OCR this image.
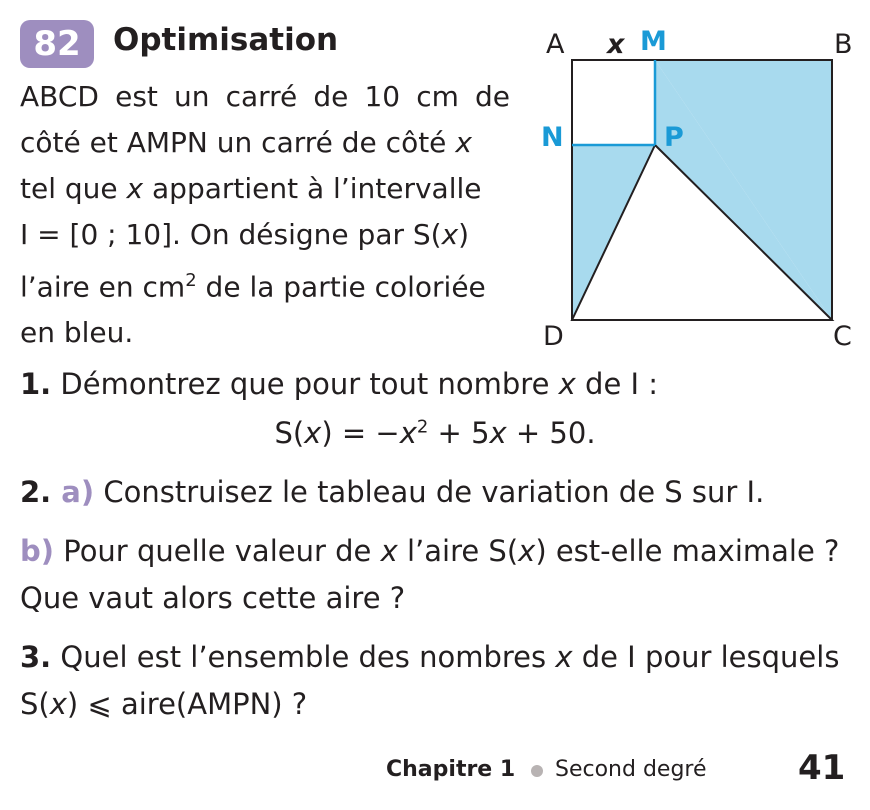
82 Optimisation
ABCD est un carré de 10 cm de
côté et AMPN un carré de côté x
tel que x appartient à l’intervalle
I = [0 ; 10]. On désigne par S(x)
l’aire en $cm^2$ de la partie coloriée
en bleu.
A x M	B
N	P
D	C
1. Démontrez que pour tout nombre x de I :
$S(x) = -x^2 + 5x + 50$.
2. a) Construisez le tableau de variation de S sur I.
b) Pour quelle valeur de x l’aire S(x) est-elle maximale ?
Que vaut alors cette aire ?
3. Quel est l’ensemble des nombres x de I pour lesquels
S(x) ⩽ aire(AMPN) ?
Chapitre 1 Second degré	41
